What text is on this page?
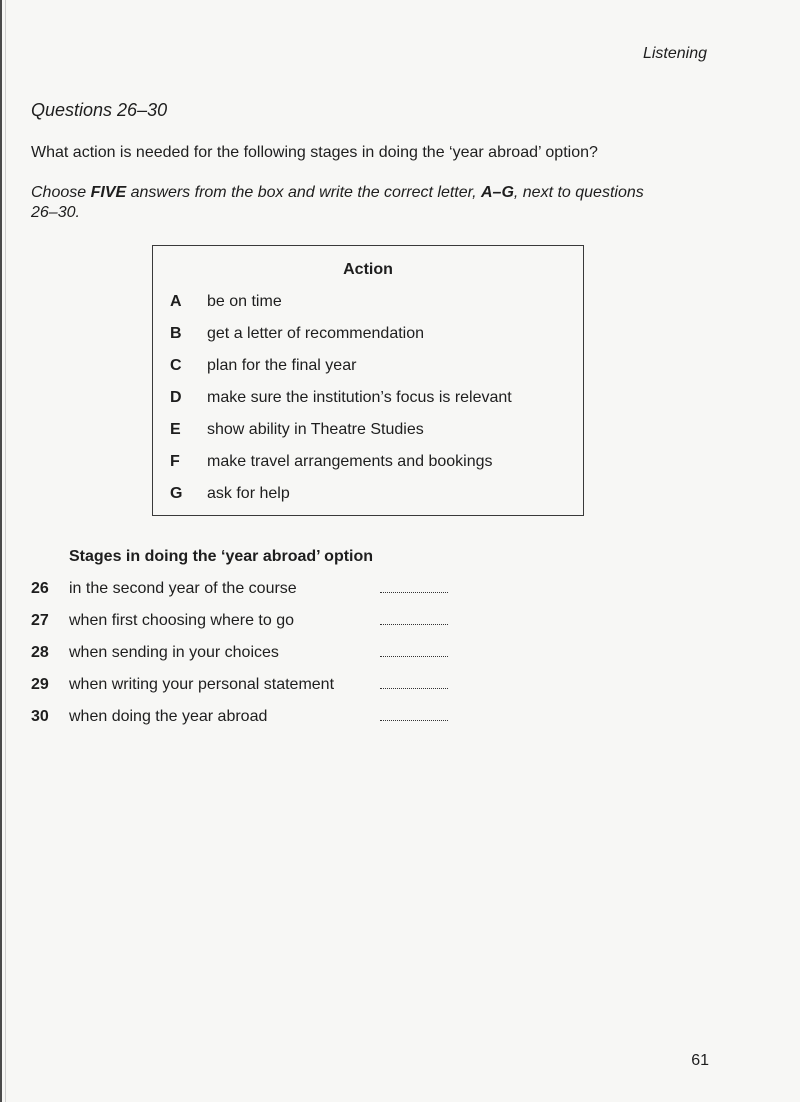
Listening
Questions 26–30
What action is needed for the following stages in doing the ‘year abroad’ option?
Choose FIVE answers from the box and write the correct letter, A–G, next to questions 26–30.
Action
A	be on time
B	get a letter of recommendation
C	plan for the final year
D	make sure the institution’s focus is relevant
E	show ability in Theatre Studies
F	make travel arrangements and bookings
G	ask for help
Stages in doing the ‘year abroad’ option
26 in the second year of the course
27 when first choosing where to go
28 when sending in your choices
29 when writing your personal statement
30 when doing the year abroad
61
